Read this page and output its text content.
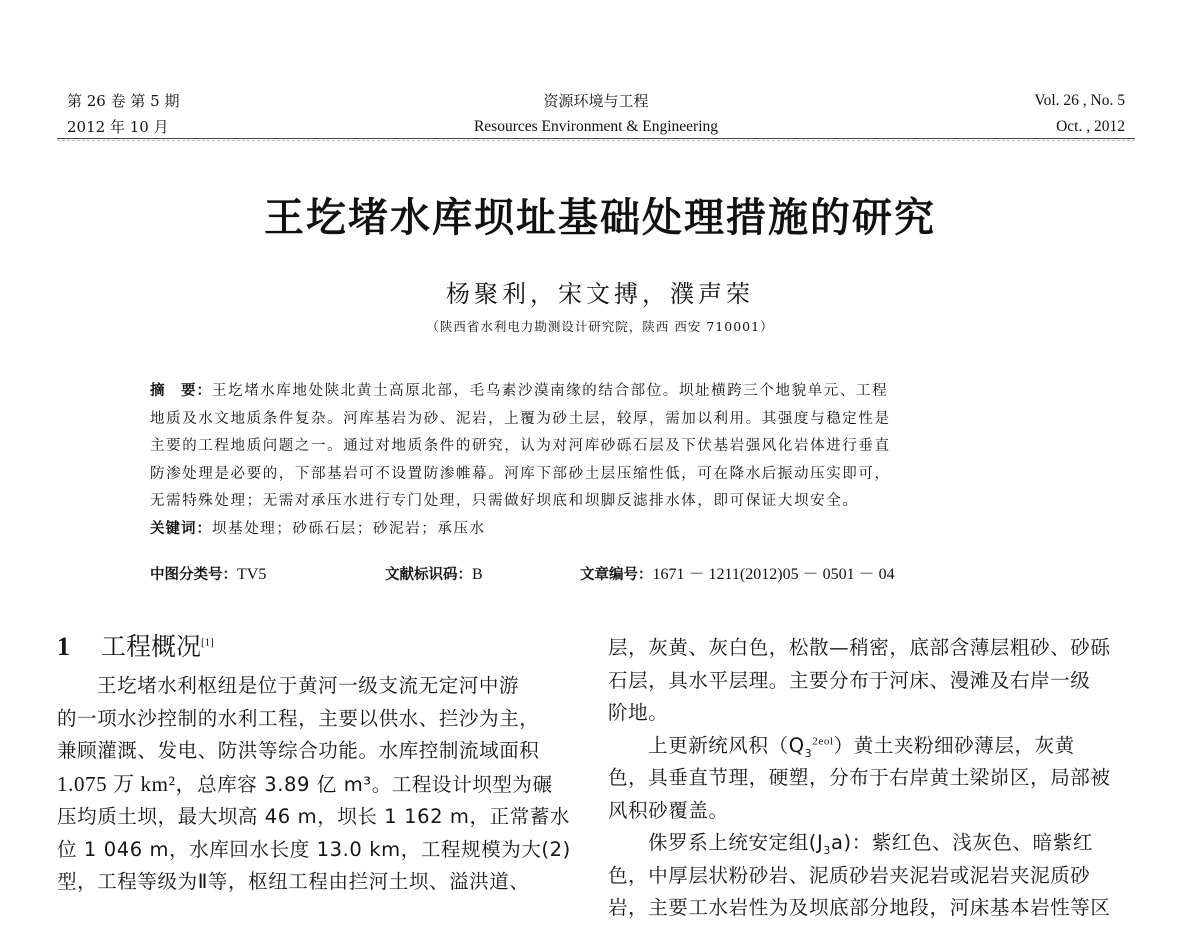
第 26 卷 第 5 期
2012 年 10 月
资源环境与工程
Resources Environment & Engineering
Vol. 26 , No. 5
Oct. , 2012
王圪堵水库坝址基础处理措施的研究
杨聚利，宋文搏，濮声荣
（陕西省水利电力勘测设计研究院，陕西 西安 710001）
摘　要：王圪堵水库地处陕北黄土高原北部，毛乌素沙漠南缘的结合部位。坝址横跨三个地貌单元、工程
地质及水文地质条件复杂。河库基岩为砂、泥岩，上覆为砂土层，较厚，需加以利用。其强度与稳定性是
主要的工程地质问题之一。通过对地质条件的研究，认为对河库砂砾石层及下伏基岩强风化岩体进行垂直
防渗处理是必要的，下部基岩可不设置防渗帷幕。河库下部砂土层压缩性低，可在降水后振动压实即可，
无需特殊处理；无需对承压水进行专门处理，只需做好坝底和坝脚反滤排水体，即可保证大坝安全。
关键词：坝基处理；砂砾石层；砂泥岩；承压水
中图分类号：TV5	文献标识码：B	文章编号：1671 － 1211(2012)05 － 0501 － 04
1 工程概况[1]
王圪堵水利枢纽是位于黄河一级支流无定河中游
的一项水沙控制的水利工程，主要以供水、拦沙为主，
兼顾灌溉、发电、防洪等综合功能。水库控制流域面积
1.075 万 km²，总库容 3.89 亿 m³。工程设计坝型为碾
压均质土坝，最大坝高 46 m，坝长 1 162 m，正常蓄水
位 1 046 m，水库回水长度 13.0 km，工程规模为大(2)
型，工程等级为Ⅱ等，枢纽工程由拦河土坝、溢洪道、
层，灰黄、灰白色，松散—稍密，底部含薄层粗砂、砂砾
石层，具水平层理。主要分布于河床、漫滩及右岸一级
阶地。
上更新统风积$(Q_3^{2eol})$黄土夹粉细砂薄层，灰黄
色，具垂直节理，硬塑，分布于右岸黄土梁峁区，局部被
风积砂覆盖。
侏罗系上统安定组$(J_3a)$：紫红色、浅灰色、暗紫红
色，中厚层状粉砂岩、泥质砂岩夹泥岩或泥岩夹泥质砂
岩，主要工水岩性为及坝底部分地段，河床基本岩性等区
